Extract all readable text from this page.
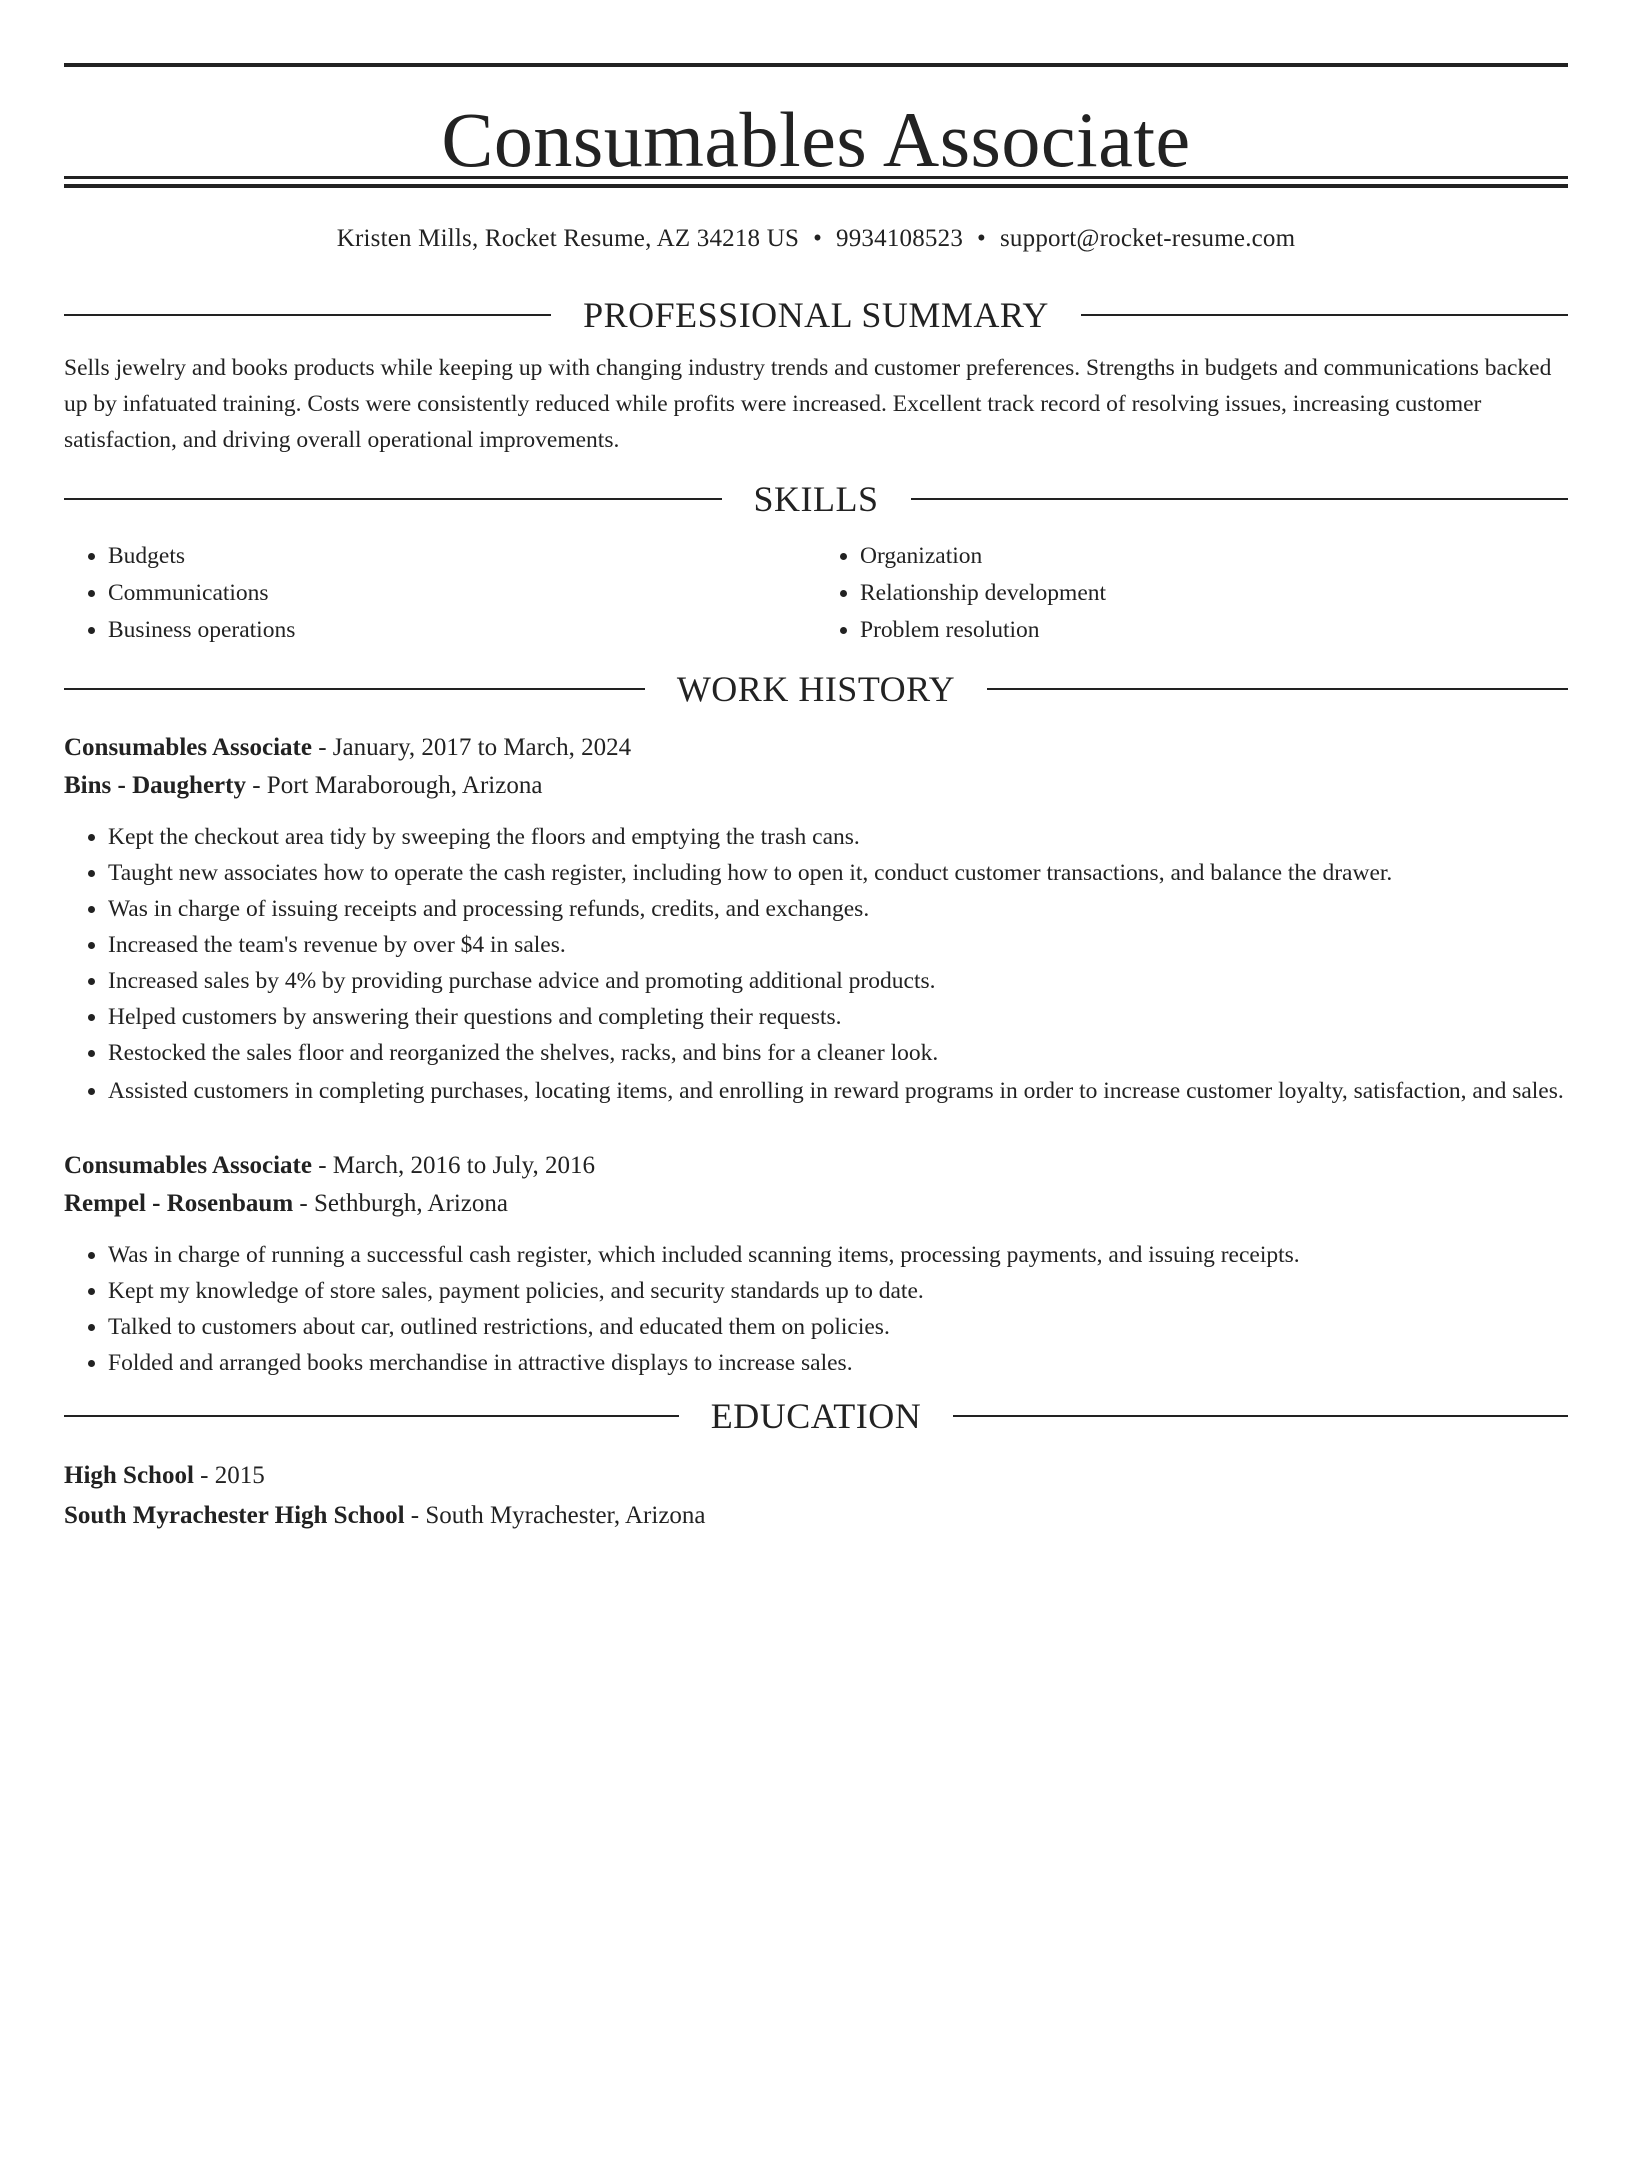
Consumables Associate
Kristen Mills, Rocket Resume, AZ 34218 US • 9934108523 • support@rocket-resume.com
PROFESSIONAL SUMMARY
Sells jewelry and books products while keeping up with changing industry trends and customer preferences. Strengths in budgets and communications backed up by infatuated training. Costs were consistently reduced while profits were increased. Excellent track record of resolving issues, increasing customer satisfaction, and driving overall operational improvements.
SKILLS
• Budgets
• Communications
• Business operations
• Organization
• Relationship development
• Problem resolution
WORK HISTORY
Consumables Associate - January, 2017 to March, 2024
Bins - Daugherty - Port Maraborough, Arizona
• Kept the checkout area tidy by sweeping the floors and emptying the trash cans.
• Taught new associates how to operate the cash register, including how to open it, conduct customer transactions, and balance the drawer.
• Was in charge of issuing receipts and processing refunds, credits, and exchanges.
• Increased the team's revenue by over $4 in sales.
• Increased sales by 4% by providing purchase advice and promoting additional products.
• Helped customers by answering their questions and completing their requests.
• Restocked the sales floor and reorganized the shelves, racks, and bins for a cleaner look.
• Assisted customers in completing purchases, locating items, and enrolling in reward programs in order to increase customer loyalty, satisfaction, and sales.
Consumables Associate - March, 2016 to July, 2016
Rempel - Rosenbaum - Sethburgh, Arizona
• Was in charge of running a successful cash register, which included scanning items, processing payments, and issuing receipts.
• Kept my knowledge of store sales, payment policies, and security standards up to date.
• Talked to customers about car, outlined restrictions, and educated them on policies.
• Folded and arranged books merchandise in attractive displays to increase sales.
EDUCATION
High School - 2015
South Myrachester High School - South Myrachester, Arizona
